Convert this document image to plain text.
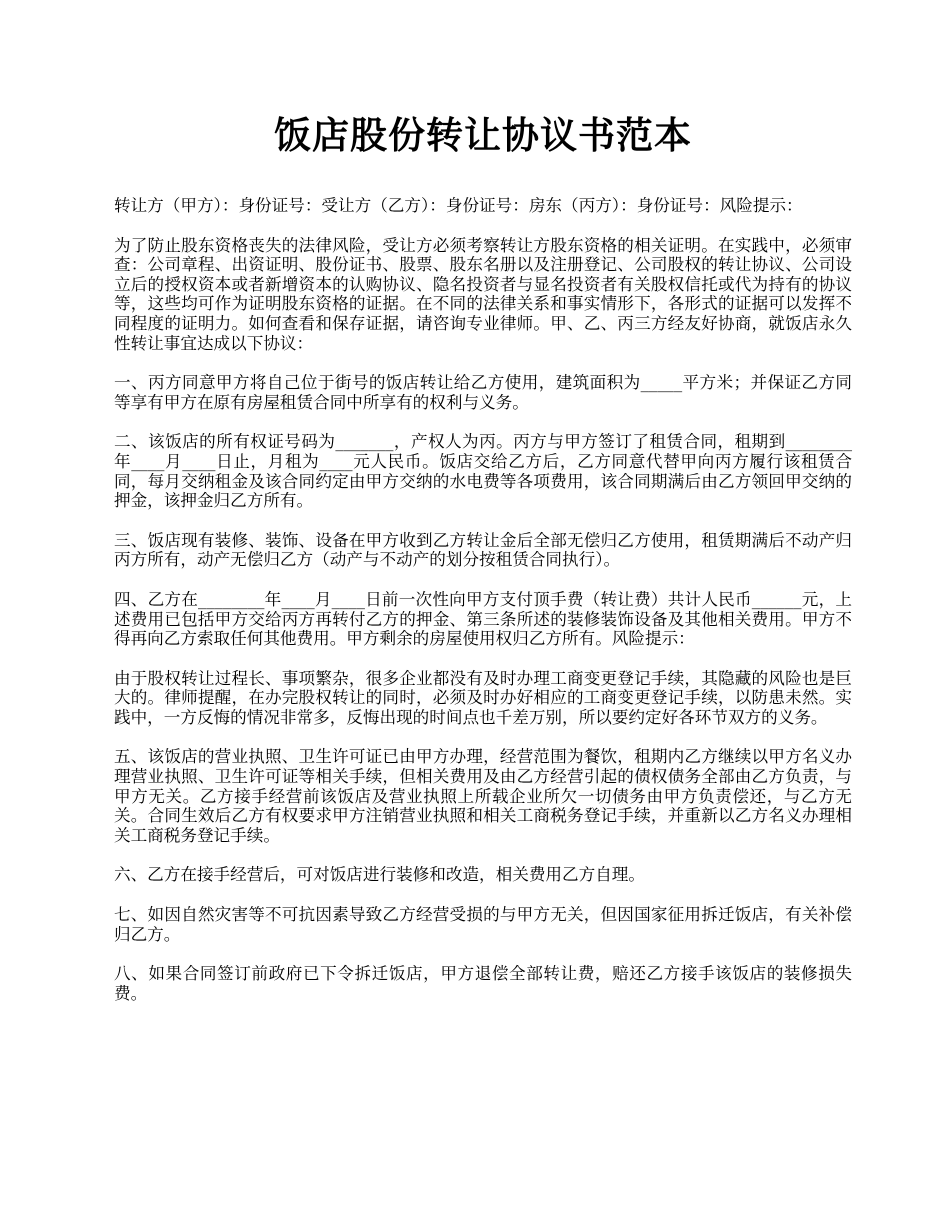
饭店股份转让协议书范本

转让方（甲方）：身份证号：受让方（乙方）：身份证号：房东（丙方）：身份证号：风险提示：

为了防止股东资格丧失的法律风险，受让方必须考察转让方股东资格的相关证明。在实践中，必须审查：公司章程、出资证明、股份证书、股票、股东名册以及注册登记、公司股权的转让协议、公司设立后的授权资本或者新增资本的认购协议、隐名投资者与显名投资者有关股权信托或代为持有的协议等，这些均可作为证明股东资格的证据。在不同的法律关系和事实情形下，各形式的证据可以发挥不同程度的证明力。如何查看和保存证据，请咨询专业律师。甲、乙、丙三方经友好协商，就饭店永久性转让事宜达成以下协议：

一、丙方同意甲方将自己位于街号的饭店转让给乙方使用，建筑面积为_____平方米；并保证乙方同等享有甲方在原有房屋租赁合同中所享有的权利与义务。

二、该饭店的所有权证号码为_______，产权人为丙。丙方与甲方签订了租赁合同，租期到________年____月____日止，月租为____元人民币。饭店交给乙方后，乙方同意代替甲向丙方履行该租赁合同，每月交纳租金及该合同约定由甲方交纳的水电费等各项费用，该合同期满后由乙方领回甲交纳的押金，该押金归乙方所有。

三、饭店现有装修、装饰、设备在甲方收到乙方转让金后全部无偿归乙方使用，租赁期满后不动产归丙方所有，动产无偿归乙方（动产与不动产的划分按租赁合同执行）。

四、乙方在________年____月____日前一次性向甲方支付顶手费（转让费）共计人民币______元，上述费用已包括甲方交给丙方再转付乙方的押金、第三条所述的装修装饰设备及其他相关费用。甲方不得再向乙方索取任何其他费用。甲方剩余的房屋使用权归乙方所有。风险提示：

由于股权转让过程长、事项繁杂，很多企业都没有及时办理工商变更登记手续，其隐藏的风险也是巨大的。律师提醒，在办完股权转让的同时，必须及时办好相应的工商变更登记手续，以防患未然。实践中，一方反悔的情况非常多，反悔出现的时间点也千差万别，所以要约定好各环节双方的义务。

五、该饭店的营业执照、卫生许可证已由甲方办理，经营范围为餐饮，租期内乙方继续以甲方名义办理营业执照、卫生许可证等相关手续，但相关费用及由乙方经营引起的债权债务全部由乙方负责，与甲方无关。乙方接手经营前该饭店及营业执照上所载企业所欠一切债务由甲方负责偿还，与乙方无关。合同生效后乙方有权要求甲方注销营业执照和相关工商税务登记手续，并重新以乙方名义办理相关工商税务登记手续。

六、乙方在接手经营后，可对饭店进行装修和改造，相关费用乙方自理。

七、如因自然灾害等不可抗因素导致乙方经营受损的与甲方无关，但因国家征用拆迁饭店，有关补偿归乙方。

八、如果合同签订前政府已下令拆迁饭店，甲方退偿全部转让费，赔还乙方接手该饭店的装修损失费。
